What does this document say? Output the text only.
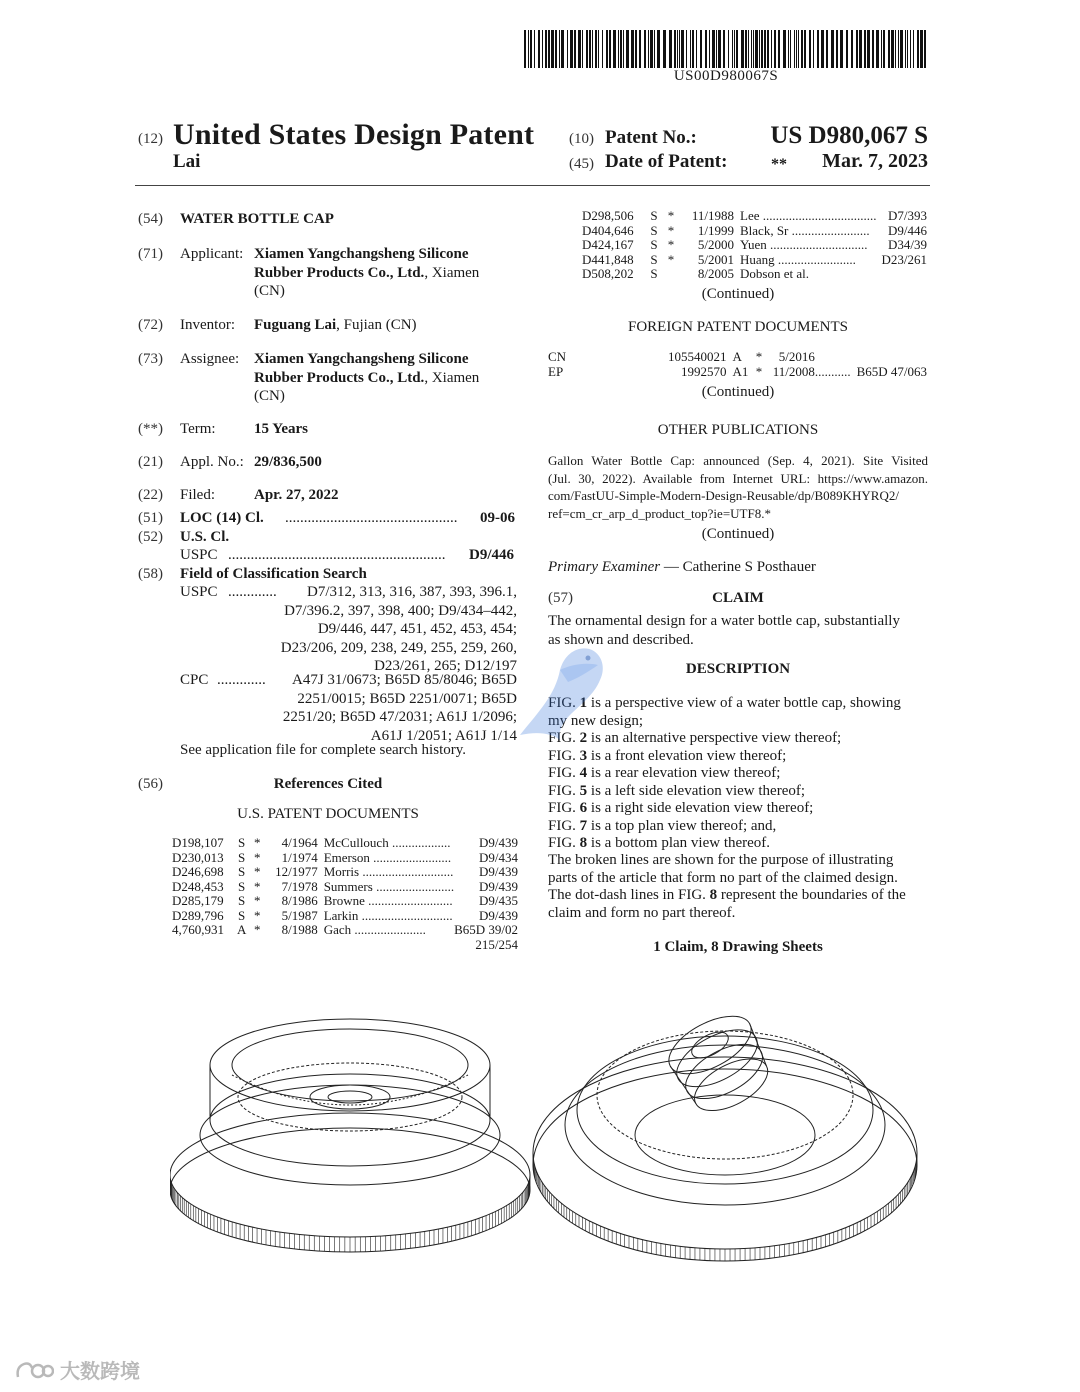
US00D980067S
(12) United States Design Patent
Lai
(10) Patent No.:	US D980,067 S
(45) Date of Patent:	**	Mar. 7, 2023
(54) WATER BOTTLE CAP
(71) Applicant: Xiamen Yangchangsheng Silicone
Rubber Products Co., Ltd., Xiamen
(CN)
(72) Inventor: Fuguang Lai, Fujian (CN)
(73) Assignee: Xiamen Yangchangsheng Silicone
Rubber Products Co., Ltd., Xiamen
(CN)
(**) Term:	15 Years
(21) Appl. No.: 29/836,500
(22) Filed:	Apr. 27, 2022
(51) LOC (14) Cl. ..............................................	09-06
(52) U.S. Cl.
USPC ..........................................................	D9/446
(58) Field of Classification Search
USPC .............	D7/312, 313, 316, 387, 393, 396.1,
D7/396.2, 397, 398, 400; D9/434–442,
D9/446, 447, 451, 452, 453, 454;
D23/206, 209, 238, 249, 255, 259, 260,
D23/261, 265; D12/197
CPC .............	A47J 31/0673; B65D 85/8046; B65D
2251/0015; B65D 2251/0071; B65D
2251/20; B65D 47/2031; A61J 1/2096;
A61J 1/2051; A61J 1/14
See application file for complete search history.
(56)	References Cited
U.S. PATENT DOCUMENTS
D198,107	S	*	4/1964	McCullouch ..................	D9/439
D230,013	S	*	1/1974	Emerson ........................	D9/434
D246,698	S	*	12/1977	Morris ............................	D9/439
D248,453	S	*	7/1978	Summers ........................	D9/439
D285,179	S	*	8/1986	Browne ..........................	D9/435
D289,796	S	*	5/1987	Larkin ............................	D9/439
4,760,931	A	*	8/1988	Gach ......................	B65D 39/02
215/254
D298,506	S	*	11/1988	Lee ...................................	D7/393
D404,646	S	*	1/1999	Black, Sr ........................	D9/446
D424,167	S	*	5/2000	Yuen ..............................	D34/39
D441,848	S	*	5/2001	Huang ........................	D23/261
D508,202	S		8/2005	Dobson et al.	
(Continued)
FOREIGN PATENT DOCUMENTS
CN	105540021	A	*	5/2016		
EP	1992570	A1	*	11/2008	...........	B65D 47/063
(Continued)
OTHER PUBLICATIONS
Gallon Water Bottle Cap: announced (Sep. 4, 2021). Site Visited
(Jul. 30, 2022). Available from Internet URL: https://www.amazon.
com/FastUU-Simple-Modern-Design-Reusable/dp/B089KHYRQ2/
ref=cm_cr_arp_d_product_top?ie=UTF8.*
(Continued)
Primary Examiner — Catherine S Posthauer
(57)	CLAIM
The ornamental design for a water bottle cap, substantially
as shown and described.
DESCRIPTION
FIG. 1 is a perspective view of a water bottle cap, showing
my new design;
FIG. 2 is an alternative perspective view thereof;
FIG. 3 is a front elevation view thereof;
FIG. 4 is a rear elevation view thereof;
FIG. 5 is a left side elevation view thereof;
FIG. 6 is a right side elevation view thereof;
FIG. 7 is a top plan view thereof; and,
FIG. 8 is a bottom plan view thereof.
The broken lines are shown for the purpose of illustrating
parts of the article that form no part of the claimed design.
The dot-dash lines in FIG. 8 represent the boundaries of the
claim and form no part thereof.
1 Claim, 8 Drawing Sheets
大数跨境
